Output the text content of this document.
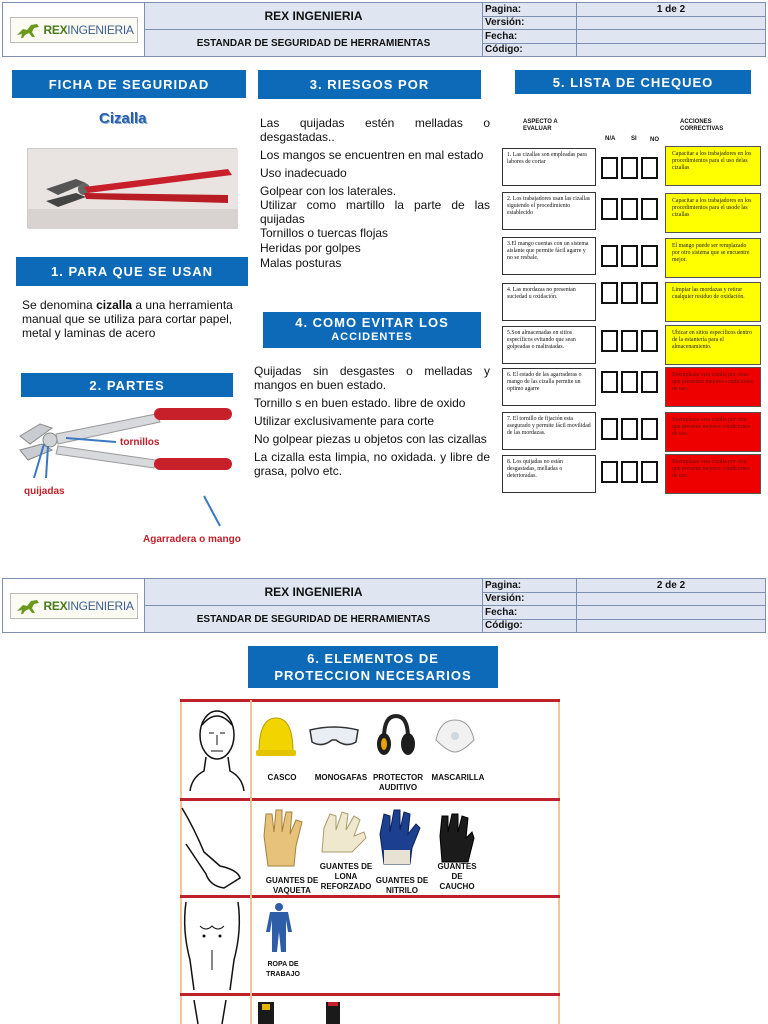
REXINGENIERIA
REX INGENIERIA
ESTANDAR DE SEGURIDAD DE HERRAMIENTAS
Pagina:	1 de 2
Versión:
Fecha:
Código:
FICHA DE SEGURIDAD
Cizalla
1. PARA QUE SE USAN

Se denomina cizalla a una herramienta manual que se utiliza para cortar papel, metal y laminas de acero

2. PARTES
tornillos
quijadas
Agarradera o mango
3. RIESGOS POR

Las quijadas estén melladas o desgastadas..

Los mangos se encuentren en mal estado

Uso inadecuado

Golpear con los laterales.

Utilizar como martillo la parte de las quijadas

Tornillos o tuercas flojas

Heridas por golpes

Malas posturas

4. COMO EVITAR LOS
ACCIDENTES

Quijadas sin desgastes o melladas y mangos en buen estado.

Tornillo s en buen estado. libre de oxido

Utilizar exclusivamente para corte

No golpear piezas u objetos con las cizallas

La cizalla esta limpia, no oxidada. y libre de grasa, polvo etc.

5. LISTA DE CHEQUEO
ASPECTO A EVALUAR
N/A	SI NO
ACCIONES CORRECTIVAS
1. Las cizallas son empleadas para labores de cortar
Capacitar a los trabajadores en los procedimientos para el uso delas cizallas
2. Los trabajadores usan las cizallas siguiendo el procedimiento establecido
Capacitar a los trabajadores en los procedimientos para el usode las cizallas
3.El mango cuentas con un sistema aislante que permite fácil agarre y no se resbale.
El mango puede ser remplazado por otro sistema que se encuentre mejor.
4. Las mordazas no presentan suciedad u oxidación.
Limpiar las mordazas y retirar cualquier residuo de oxidación.
5.Son almacenadas en sitios específicos evitando que sean golpeadas o maltratadas.
Ubicar en sitios específicos dentro de la estantería para el almacenamiento.
6. El estado de las agarraderas o mango de las cizalla permite un optimo agarre
Reemplazar esta cizalla por otras que presenten mejores condiciones de uso.
7. El tornillo de fijación esta asegurado y permite fácil movilidad de las mordazas.
Reemplazar esta cizalla por otra que presente mejores condiciones de uso.
8. Los quijadas no están desgastadas, melladas o deterioradas.
Reemplazar esta cizalla por otra que presente mejores condiciones de uso.
REXINGENIERIA
REX INGENIERIA
ESTANDAR DE SEGURIDAD DE HERRAMIENTAS
Pagina:	2 de 2
Versión:
Fecha:
Código:
6. ELEMENTOS DE
PROTECCION NECESARIOS
CASCO	MONOGAFAS PROTECTOR AUDITIVO
MASCARILLA
GUANTES DE VAQUETA
GUANTES DE LONA REFORZADO
GUANTES DE NITRILO
GUANTES DE CAUCHO
ROPA DE TRABAJO
